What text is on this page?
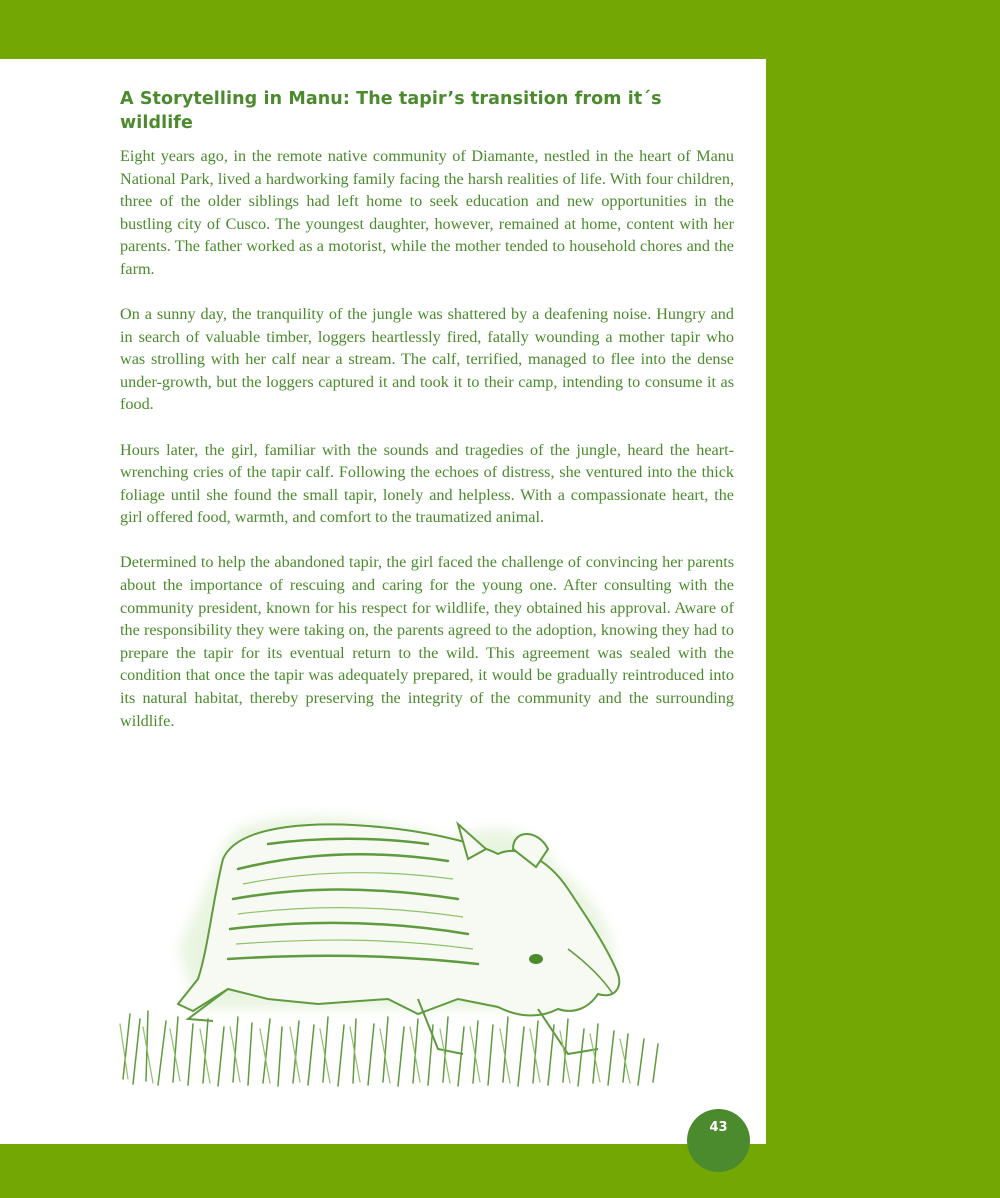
A Storytelling in Manu: The tapir’s transition from it´s wildlife

Eight years ago, in the remote native community of Diamante, nestled in the heart of Manu National Park, lived a hardworking family facing the harsh realities of life. With four children, three of the older siblings had left home to seek education and new opportunities in the bustling city of Cusco. The youngest daughter, however, remained at home, content with her parents. The father worked as a motorist, while the mother tended to household chores and the farm.

On a sunny day, the tranquility of the jungle was shattered by a deafening noise. Hungry and in search of valuable timber, loggers heartlessly fired, fatally wounding a mother tapir who was strolling with her calf near a stream. The calf, terrified, managed to flee into the dense under-growth, but the loggers captured it and took it to their camp, intending to consume it as food.

Hours later, the girl, familiar with the sounds and tragedies of the jungle, heard the heart-wrenching cries of the tapir calf. Following the echoes of distress, she ventured into the thick foliage until she found the small tapir, lonely and helpless. With a compassionate heart, the girl offered food, warmth, and comfort to the traumatized animal.

Determined to help the abandoned tapir, the girl faced the challenge of convincing her parents about the importance of rescuing and caring for the young one. After consulting with the community president, known for his respect for wildlife, they obtained his approval. Aware of the responsibility they were taking on, the parents agreed to the adoption, knowing they had to prepare the tapir for its eventual return to the wild. This agreement was sealed with the condition that once the tapir was adequately prepared, it would be gradually reintroduced into its natural habitat, thereby preserving the integrity of the community and the surrounding wildlife.

43
